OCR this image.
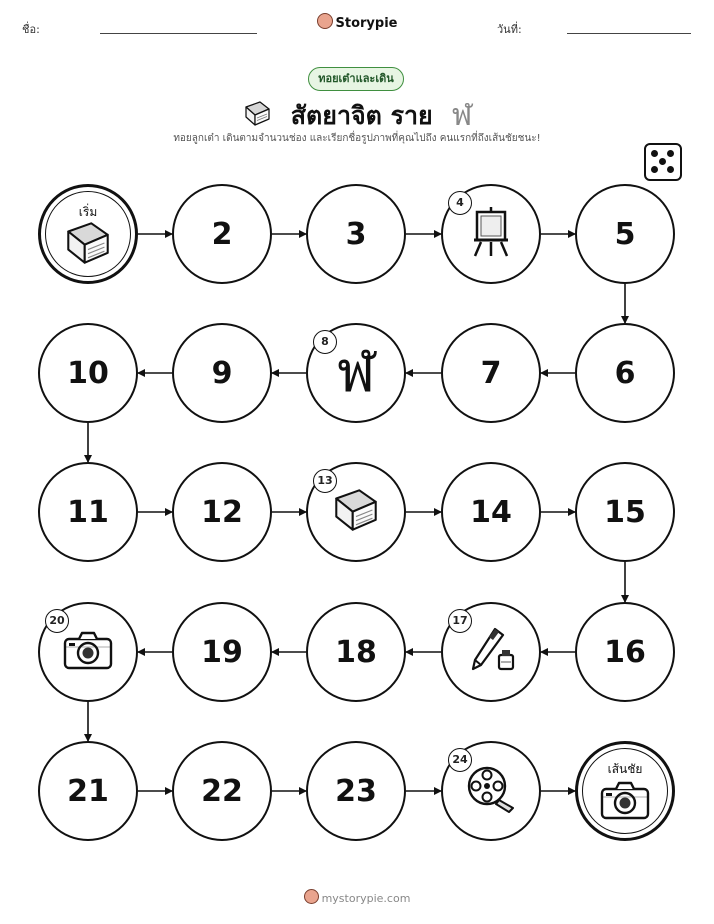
ชื่อ:	Storypie	วันที่:
ทอยเต๋าและเดิน
สัตยาจิต ราย ฬ
ทอยลูกเต๋า เดินตามจำนวนช่อง และเรียกชื่อรูปภาพที่คุณไปถึง คนแรกที่ถึงเส้นชัยชนะ!
เริ่ม
2	3
4
5
6
7
8 ฬ
9
10
11	12
13
14	15
16
17
18
19
20
21	22	23
24
เส้นชัย
mystorypie.com
